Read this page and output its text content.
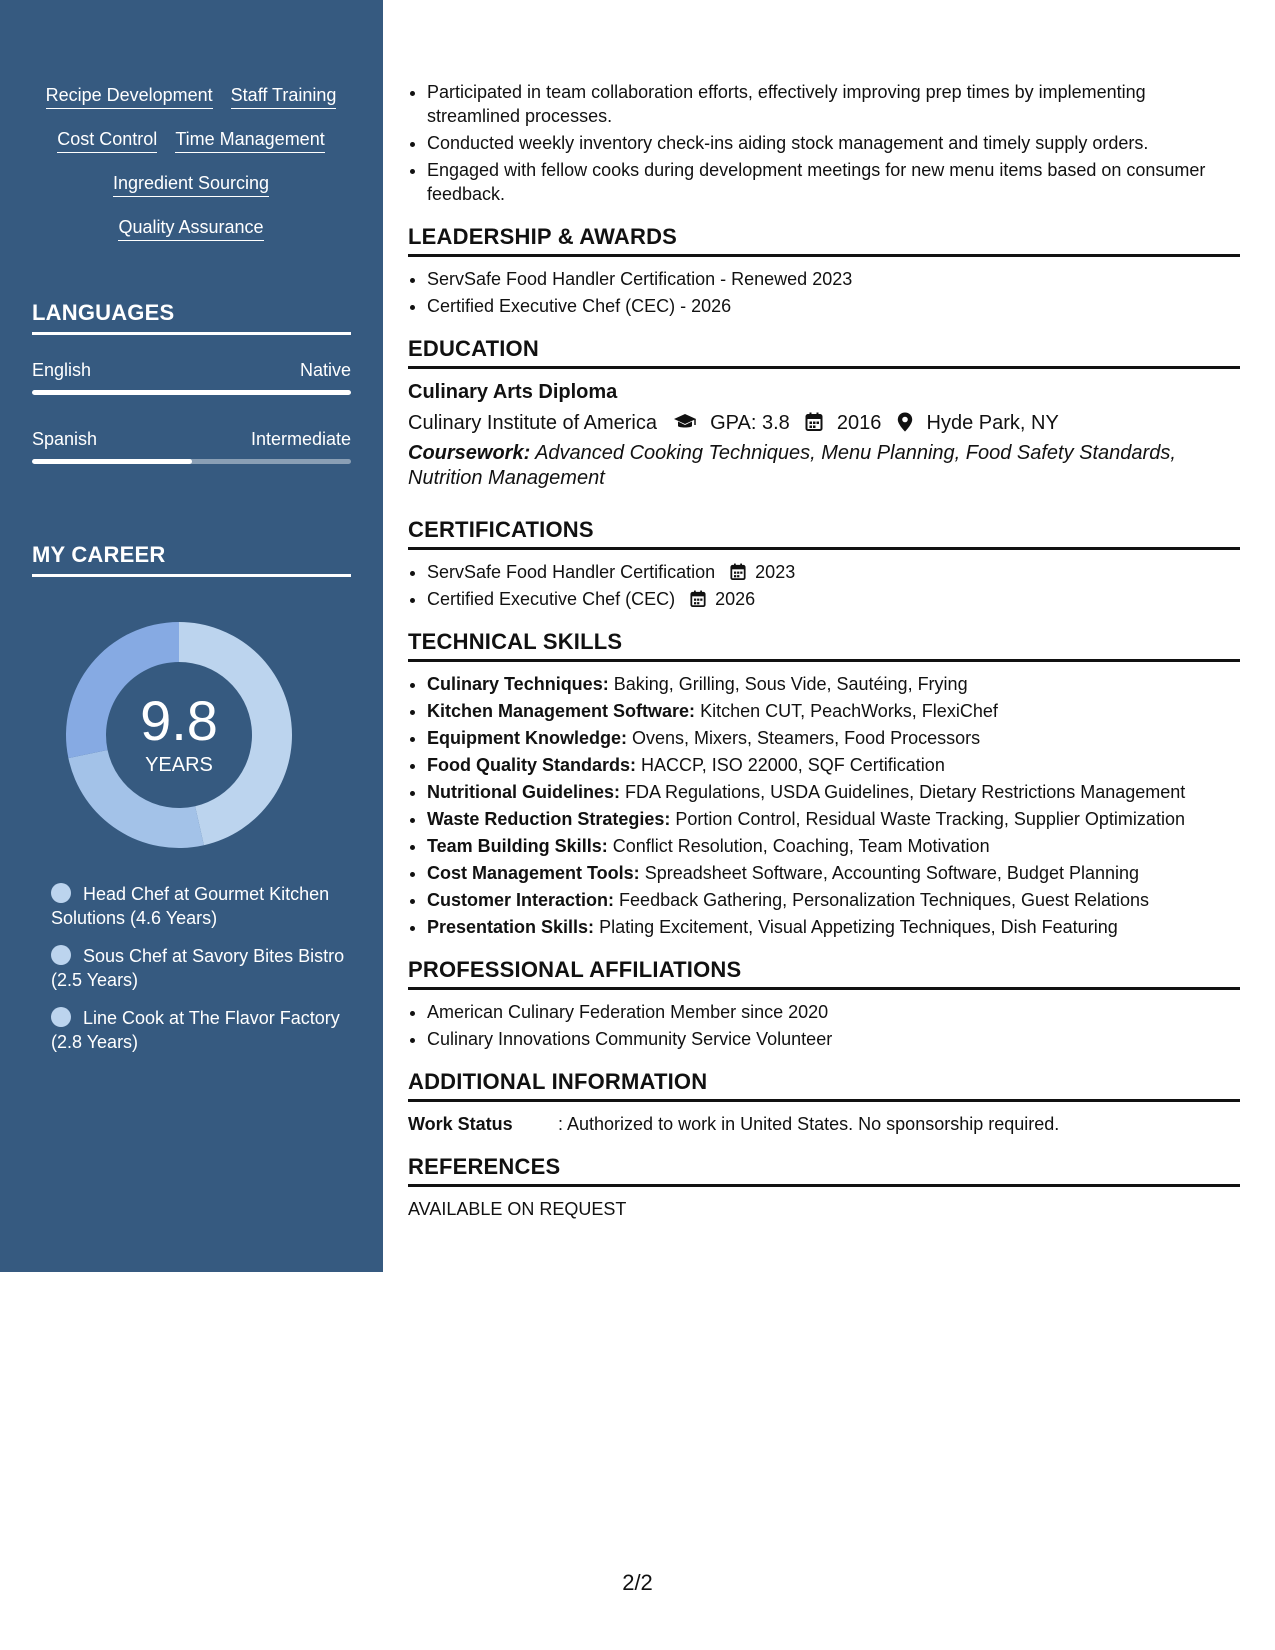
Recipe Development Staff Training
Cost Control Time Management
Ingredient Sourcing
Quality Assurance
LANGUAGES
English	Native
Spanish	Intermediate
MY CAREER
9.8
YEARS
Head Chef at Gourmet Kitchen Solutions (4.6 Years)
Sous Chef at Savory Bites Bistro (2.5 Years)
Line Cook at The Flavor Factory (2.8 Years)
• Participated in team collaboration efforts, effectively improving prep times by implementing streamlined processes.
• Conducted weekly inventory check-ins aiding stock management and timely supply orders.
• Engaged with fellow cooks during development meetings for new menu items based on consumer feedback.
LEADERSHIP & AWARDS
• ServSafe Food Handler Certification - Renewed 2023
• Certified Executive Chef (CEC) - 2026
EDUCATION
Culinary Arts Diploma
Culinary Institute of America	GPA: 3.8 2016 Hyde Park, NY
Coursework: Advanced Cooking Techniques, Menu Planning, Food Safety Standards, Nutrition Management
CERTIFICATIONS
• ServSafe Food Handler Certification 2023
• Certified Executive Chef (CEC) 2026
TECHNICAL SKILLS
• Culinary Techniques: Baking, Grilling, Sous Vide, Sautéing, Frying
• Kitchen Management Software: Kitchen CUT, PeachWorks, FlexiChef
• Equipment Knowledge: Ovens, Mixers, Steamers, Food Processors
• Food Quality Standards: HACCP, ISO 22000, SQF Certification
• Nutritional Guidelines: FDA Regulations, USDA Guidelines, Dietary Restrictions Management
• Waste Reduction Strategies: Portion Control, Residual Waste Tracking, Supplier Optimization
• Team Building Skills: Conflict Resolution, Coaching, Team Motivation
• Cost Management Tools: Spreadsheet Software, Accounting Software, Budget Planning
• Customer Interaction: Feedback Gathering, Personalization Techniques, Guest Relations
• Presentation Skills: Plating Excitement, Visual Appetizing Techniques, Dish Featuring
PROFESSIONAL AFFILIATIONS
• American Culinary Federation Member since 2020
• Culinary Innovations Community Service Volunteer
ADDITIONAL INFORMATION
Work Status	: Authorized to work in United States. No sponsorship required.
REFERENCES
AVAILABLE ON REQUEST
2/2
